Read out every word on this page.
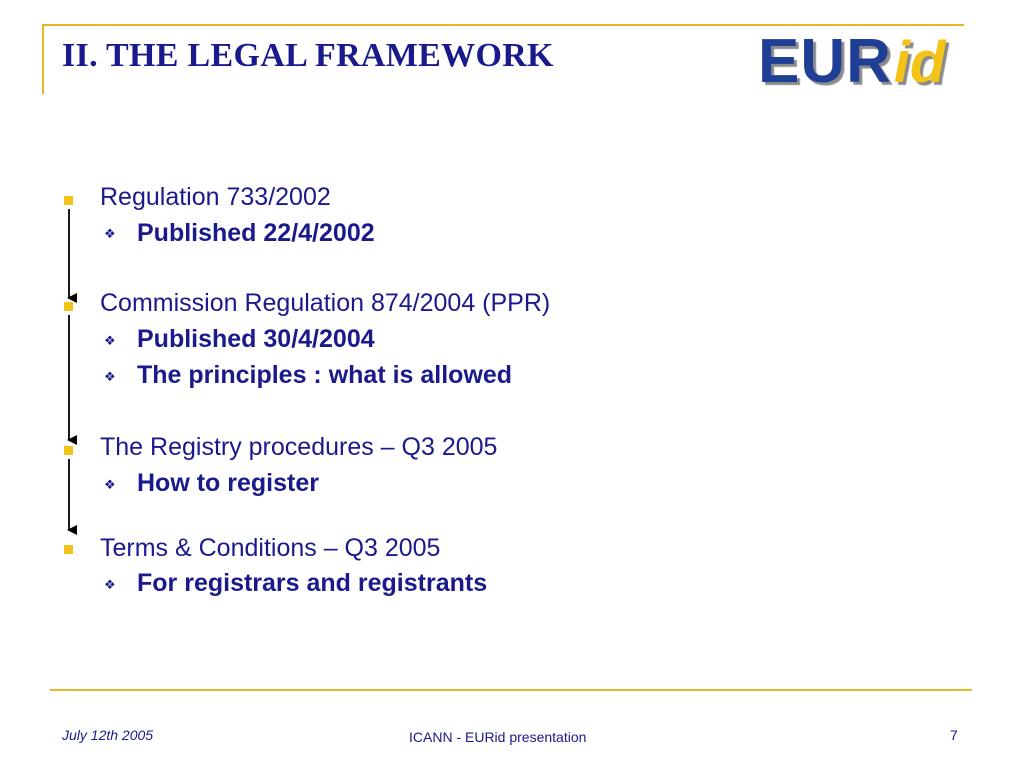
II. THE LEGAL FRAMEWORK	EURid
Regulation 733/2002
❖ Published 22/4/2002
Commission Regulation 874/2004 (PPR)
❖ Published 30/4/2004
❖ The principles : what is allowed
The Registry procedures – Q3 2005
❖ How to register
Terms & Conditions – Q3 2005
❖ For registrars and registrants
July 12th 2005	ICANN - EURid presentation	7
